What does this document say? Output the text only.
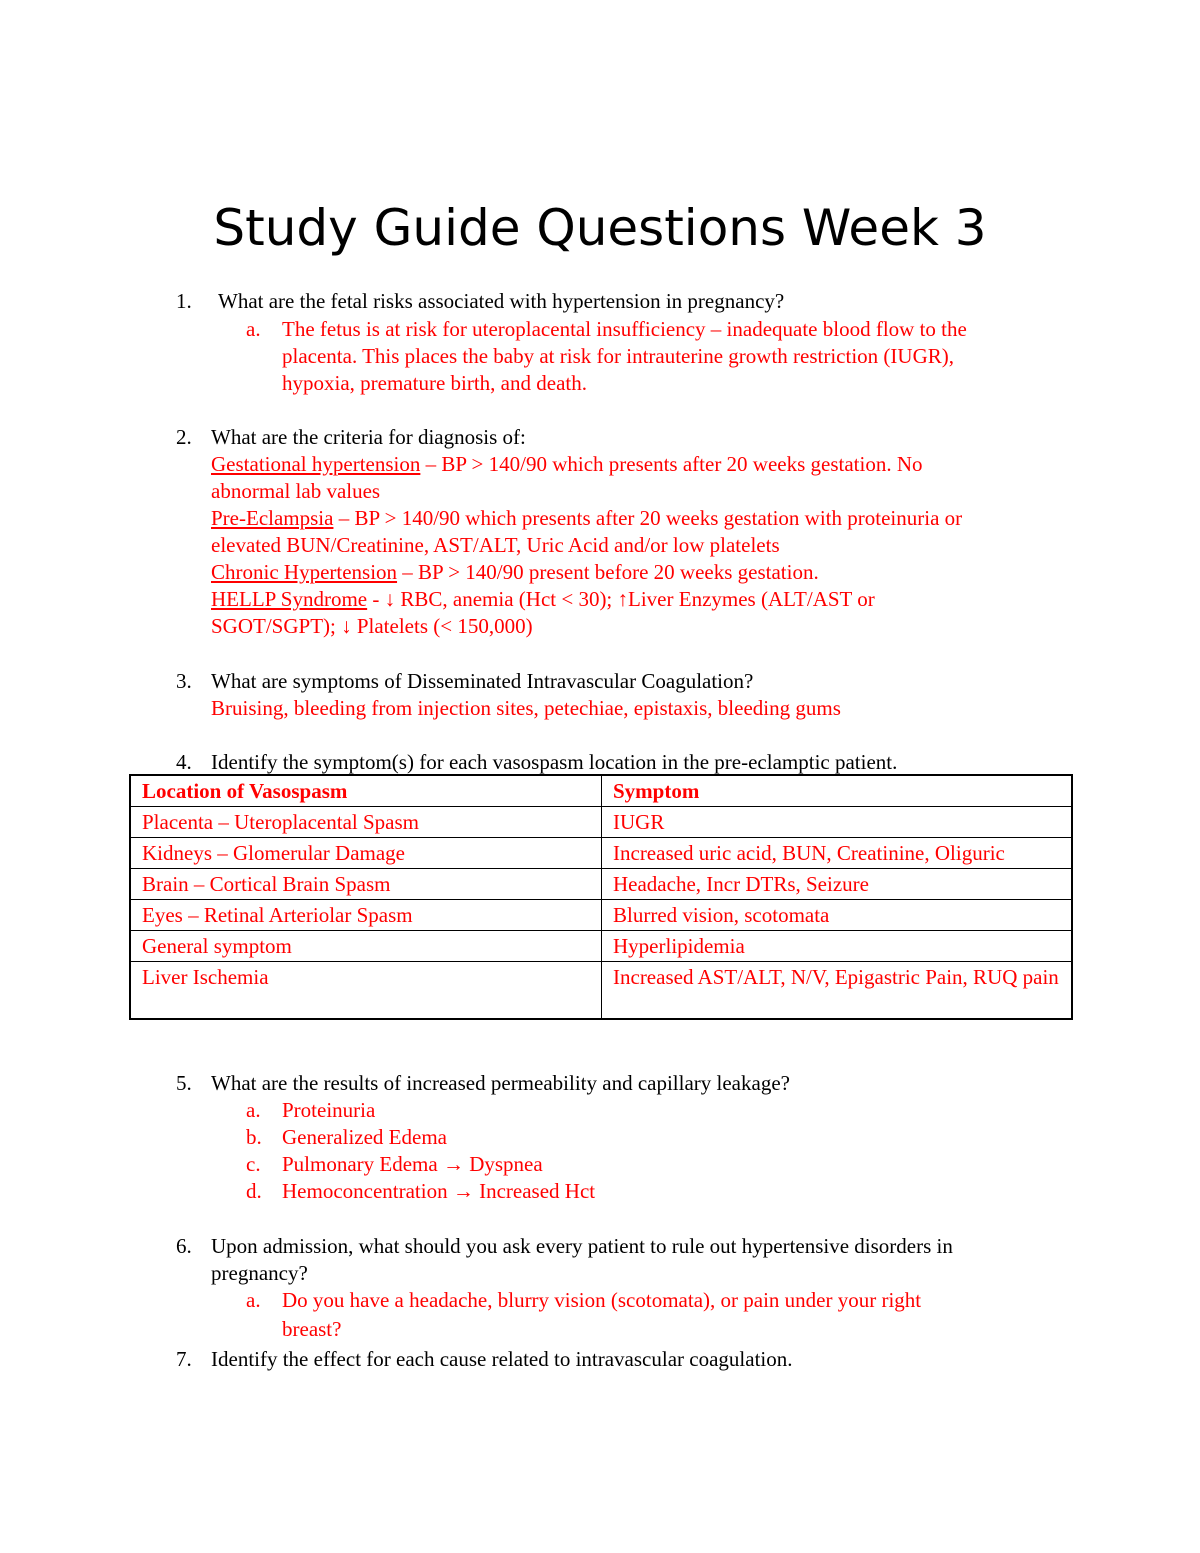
Study Guide Questions Week 3
1. What are the fetal risks associated with hypertension in pregnancy?
a. The fetus is at risk for uteroplacental insufficiency – inadequate blood flow to the
placenta. This places the baby at risk for intrauterine growth restriction (IUGR),
hypoxia, premature birth, and death.
2. What are the criteria for diagnosis of:
Gestational hypertension – BP > 140/90 which presents after 20 weeks gestation. No
abnormal lab values
Pre-Eclampsia – BP > 140/90 which presents after 20 weeks gestation with proteinuria or
elevated BUN/Creatinine, AST/ALT, Uric Acid and/or low platelets
Chronic Hypertension – BP > 140/90 present before 20 weeks gestation.
HELLP Syndrome - ↓ RBC, anemia (Hct < 30); ↑Liver Enzymes (ALT/AST or
SGOT/SGPT); ↓ Platelets (< 150,000)
3. What are symptoms of Disseminated Intravascular Coagulation?
Bruising, bleeding from injection sites, petechiae, epistaxis, bleeding gums
4. Identify the symptom(s) for each vasospasm location in the pre-eclamptic patient.
Location of Vasospasm	Symptom
Placenta – Uteroplacental Spasm	IUGR
Kidneys – Glomerular Damage	Increased uric acid, BUN, Creatinine, Oliguric
Brain – Cortical Brain Spasm	Headache, Incr DTRs, Seizure
Eyes – Retinal Arteriolar Spasm	Blurred vision, scotomata
General symptom	Hyperlipidemia
Liver Ischemia	Increased AST/ALT, N/V, Epigastric Pain, RUQ pain
5. What are the results of increased permeability and capillary leakage?
a. Proteinuria
b. Generalized Edema
c. Pulmonary Edema → Dyspnea
d. Hemoconcentration → Increased Hct
6. Upon admission, what should you ask every patient to rule out hypertensive disorders in
pregnancy?
a. Do you have a headache, blurry vision (scotomata), or pain under your right
breast?
7. Identify the effect for each cause related to intravascular coagulation.
